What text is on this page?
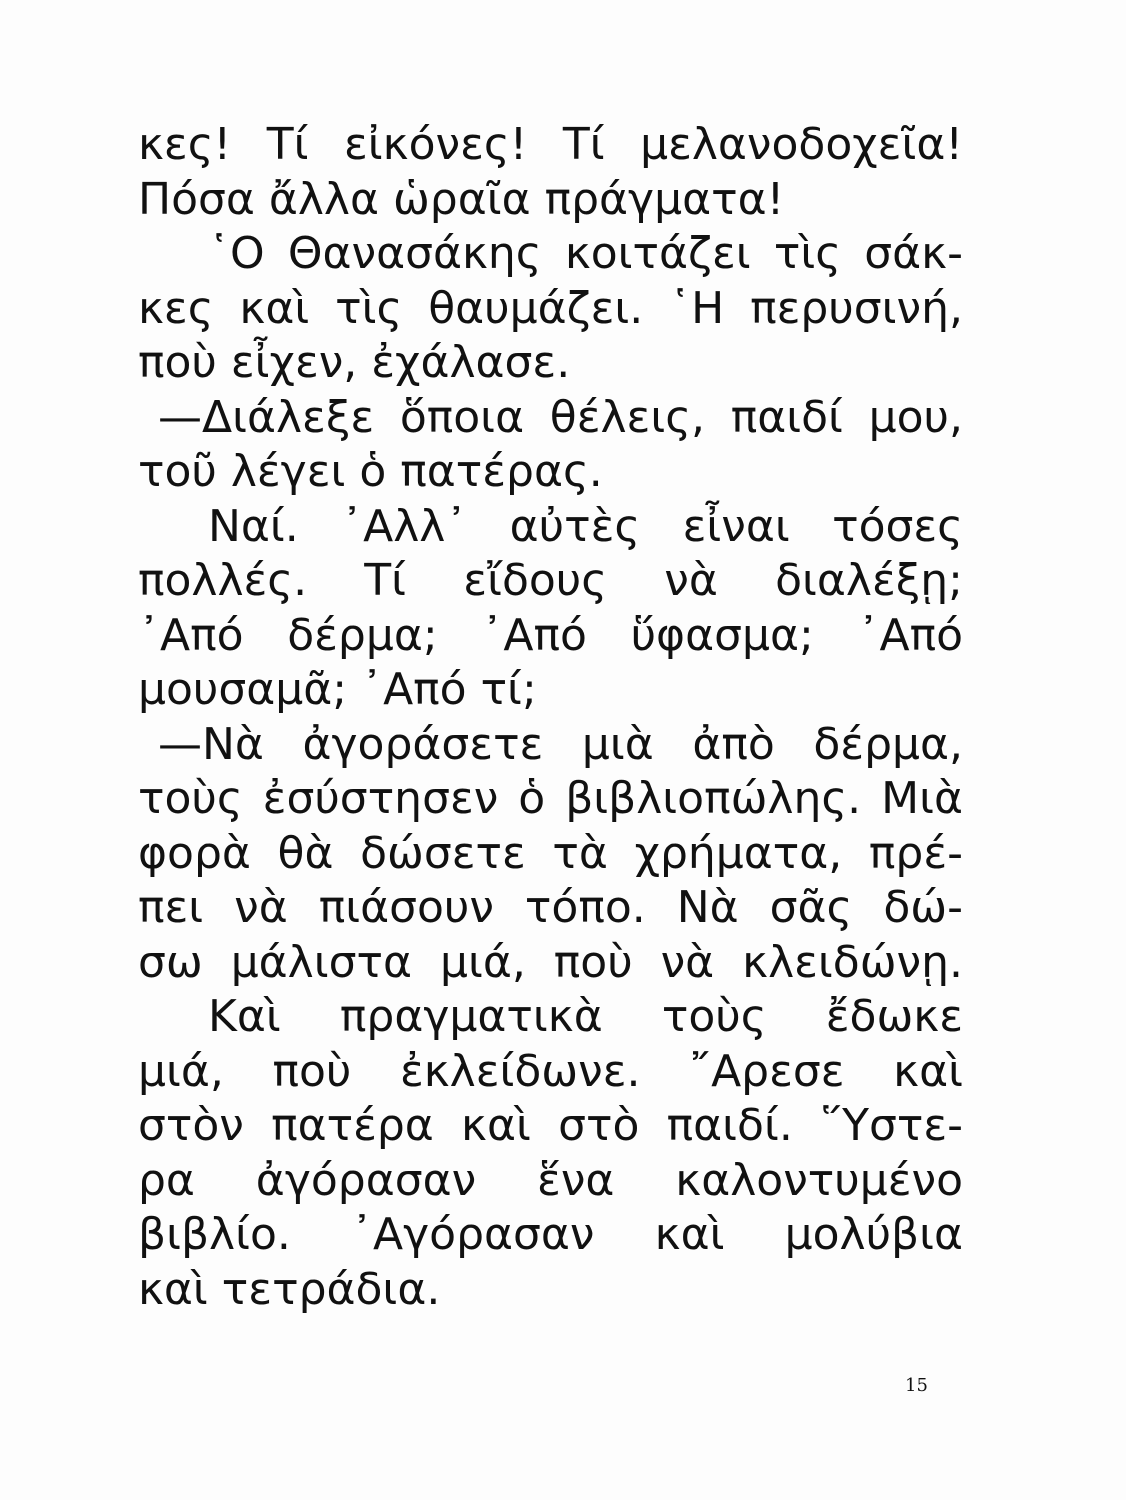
κες! Τί εἰκόνες! Τί μελανοδοχεῖα!
Πόσα ἄλλα ὡραῖα πράγματα!
῾Ο Θανασάκης κοιτάζει τὶς σάκ-
κες καὶ τὶς θαυμάζει. ῾Η περυσινή,
ποὺ εἶχεν, ἐχάλασε.
—Διάλεξε ὅποια θέλεις, παιδί μου,
τοῦ λέγει ὁ πατέρας.
Ναί. ᾿Αλλ᾿ αὐτὲς εἶναι τόσες
πολλές. Τί εἴδους νὰ διαλέξῃ;
᾿Από δέρμα; ᾿Από ὕφασμα; ᾿Από
μουσαμᾶ; ᾿Από τί;
—Νὰ ἀγοράσετε μιὰ ἀπὸ δέρμα,
τοὺς ἐσύστησεν ὁ βιβλιοπώλης. Μιὰ
φορὰ θὰ δώσετε τὰ χρήματα, πρέ-
πει νὰ πιάσουν τόπο. Νὰ σᾶς δώ-
σω μάλιστα μιά, ποὺ νὰ κλειδώνῃ.
Καὶ πραγματικὰ τοὺς ἔδωκε
μιά, ποὺ ἐκλείδωνε. ῎Αρεσε καὶ
στὸν πατέρα καὶ στὸ παιδί. ῞Υστε-
ρα ἀγόρασαν ἕνα καλοντυμένο
βιβλίο. ᾿Αγόρασαν καὶ μολύβια
καὶ τετράδια.
15
